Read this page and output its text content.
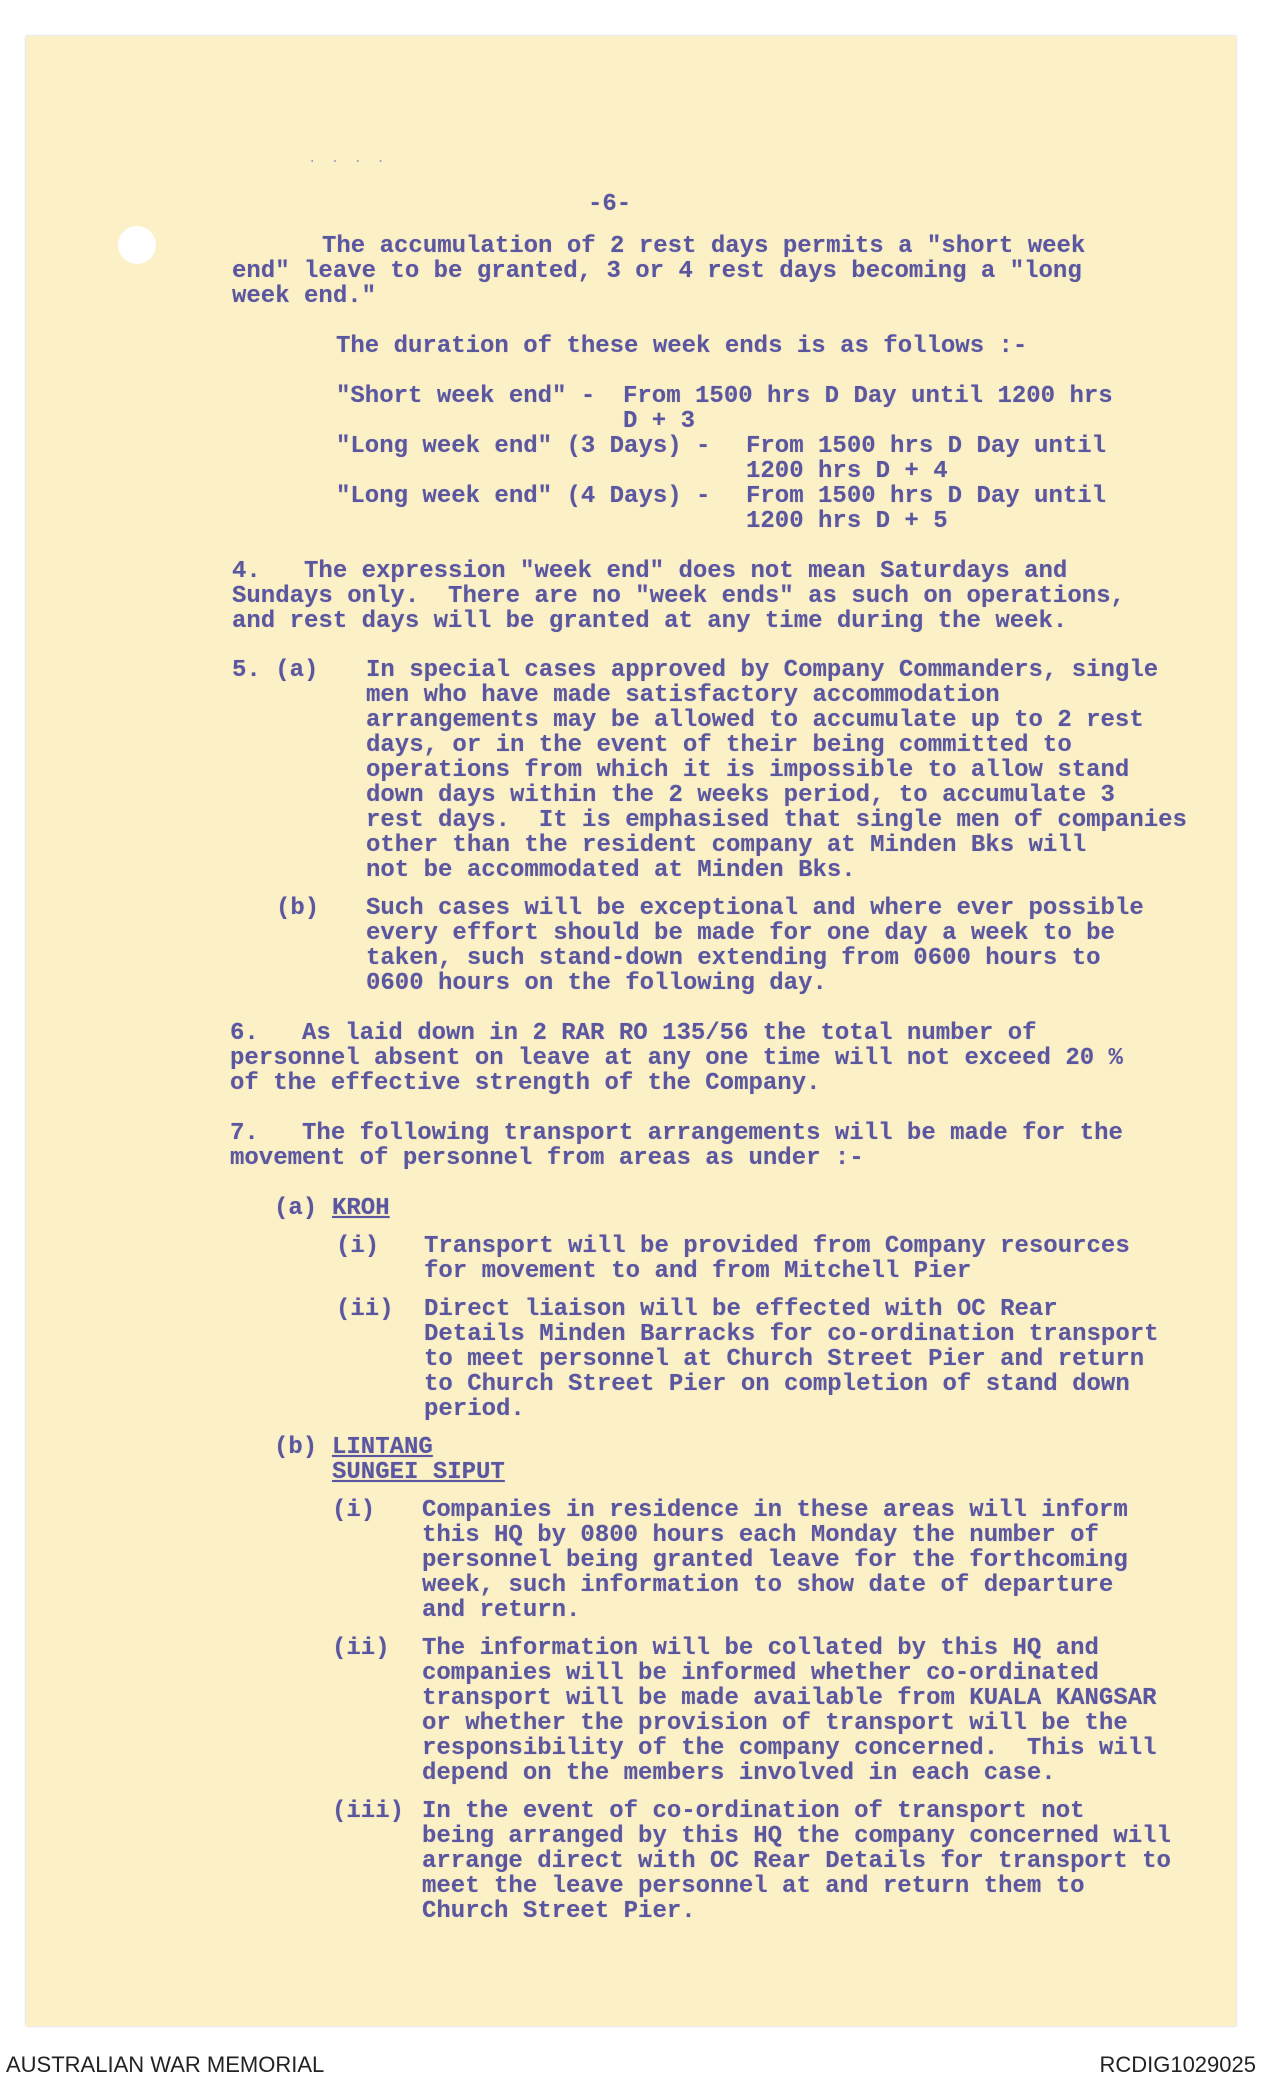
· · · ·
-6-
The accumulation of 2 rest days permits a "short week
end" leave to be granted, 3 or 4 rest days becoming a "long
week end."
The duration of these week ends is as follows :-
"Short week end" - From 1500 hrs D Day until 1200 hrs
D + 3
"Long week end" (3 Days) - From 1500 hrs D Day until
1200 hrs D + 4
"Long week end" (4 Days) - From 1500 hrs D Day until
1200 hrs D + 5
4.   The expression "week end" does not mean Saturdays and
Sundays only.  There are no "week ends" as such on operations,
and rest days will be granted at any time during the week.
5. (a) In special cases approved by Company Commanders, single
men who have made satisfactory accommodation
arrangements may be allowed to accumulate up to 2 rest
days, or in the event of their being committed to
operations from which it is impossible to allow stand
down days within the 2 weeks period, to accumulate 3
rest days.  It is emphasised that single men of companies
other than the resident company at Minden Bks will
not be accommodated at Minden Bks.
(b) Such cases will be exceptional and where ever possible
every effort should be made for one day a week to be
taken, such stand-down extending from 0600 hours to
0600 hours on the following day.
6.   As laid down in 2 RAR RO 135/56 the total number of
personnel absent on leave at any one time will not exceed 20 %
of the effective strength of the Company.
7.   The following transport arrangements will be made for the
movement of personnel from areas as under :-
(a) KROH
(i) Transport will be provided from Company resources
for movement to and from Mitchell Pier
(ii) Direct liaison will be effected with OC Rear
Details Minden Barracks for co-ordination transport
to meet personnel at Church Street Pier and return
to Church Street Pier on completion of stand down
period.
(b) LINTANG
SUNGEI SIPUT
(i) Companies in residence in these areas will inform
this HQ by 0800 hours each Monday the number of
personnel being granted leave for the forthcoming
week, such information to show date of departure
and return.
(ii) The information will be collated by this HQ and
companies will be informed whether co-ordinated
transport will be made available from KUALA KANGSAR
or whether the provision of transport will be the
responsibility of the company concerned.  This will
depend on the members involved in each case.
(iii) In the event of co-ordination of transport not
being arranged by this HQ the company concerned will
arrange direct with OC Rear Details for transport to
meet the leave personnel at and return them to
Church Street Pier.
AUSTRALIAN WAR MEMORIAL	RCDIG1029025
